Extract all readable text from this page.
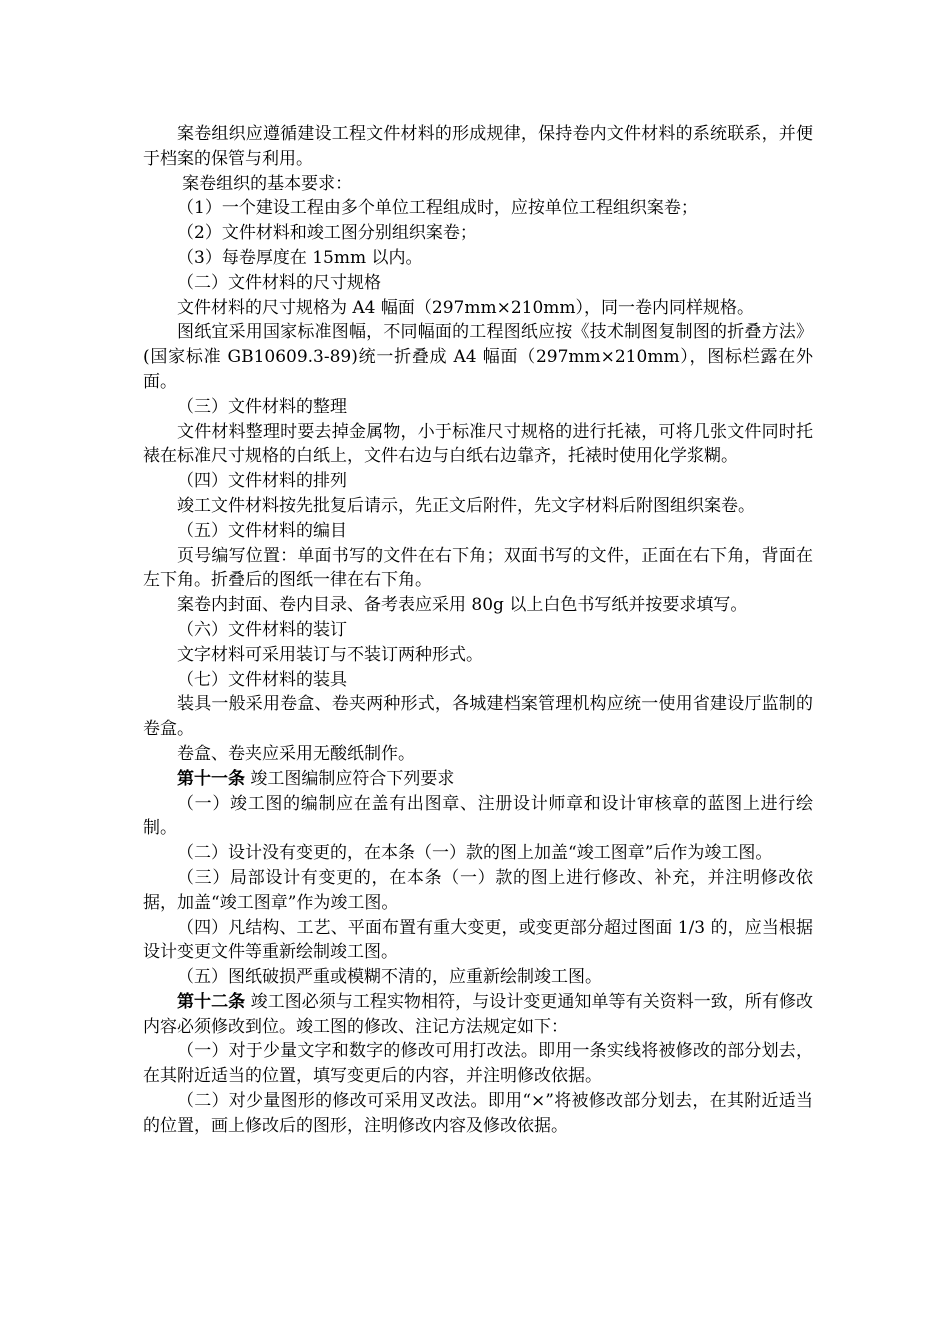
案卷组织应遵循建设工程文件材料的形成规律，保持卷内文件材料的系统联系，并便于档案的保管与利用。

案卷组织的基本要求：

（1）一个建设工程由多个单位工程组成时，应按单位工程组织案卷；

（2）文件材料和竣工图分别组织案卷；

（3）每卷厚度在 15mm 以内。

（二）文件材料的尺寸规格

文件材料的尺寸规格为 A4 幅面（297mm×210mm），同一卷内同样规格。

图纸宜采用国家标准图幅，不同幅面的工程图纸应按《技术制图复制图的折叠方法》(国家标准 GB10609.3-89)统一折叠成 A4 幅面（297mm×210mm），图标栏露在外面。

（三）文件材料的整理

文件材料整理时要去掉金属物，小于标准尺寸规格的进行托裱，可将几张文件同时托裱在标准尺寸规格的白纸上，文件右边与白纸右边靠齐，托裱时使用化学浆糊。

（四）文件材料的排列

竣工文件材料按先批复后请示，先正文后附件，先文字材料后附图组织案卷。

（五）文件材料的编目

页号编写位置：单面书写的文件在右下角；双面书写的文件，正面在右下角，背面在左下角。折叠后的图纸一律在右下角。

案卷内封面、卷内目录、备考表应采用 80g 以上白色书写纸并按要求填写。

（六）文件材料的装订

文字材料可采用装订与不装订两种形式。

（七）文件材料的装具

装具一般采用卷盒、卷夹两种形式，各城建档案管理机构应统一使用省建设厅监制的卷盒。

卷盒、卷夹应采用无酸纸制作。

第十一条 竣工图编制应符合下列要求

（一）竣工图的编制应在盖有出图章、注册设计师章和设计审核章的蓝图上进行绘制。

（二）设计没有变更的，在本条（一）款的图上加盖“竣工图章”后作为竣工图。

（三）局部设计有变更的，在本条（一）款的图上进行修改、补充，并注明修改依据，加盖“竣工图章”作为竣工图。

（四）凡结构、工艺、平面布置有重大变更，或变更部分超过图面 1/3 的，应当根据设计变更文件等重新绘制竣工图。

（五）图纸破损严重或模糊不清的，应重新绘制竣工图。

第十二条 竣工图必须与工程实物相符，与设计变更通知单等有关资料一致，所有修改内容必须修改到位。竣工图的修改、注记方法规定如下：

（一）对于少量文字和数字的修改可用打改法。即用一条实线将被修改的部分划去，在其附近适当的位置，填写变更后的内容，并注明修改依据。

（二）对少量图形的修改可采用叉改法。即用“×”将被修改部分划去，在其附近适当的位置，画上修改后的图形，注明修改内容及修改依据。
